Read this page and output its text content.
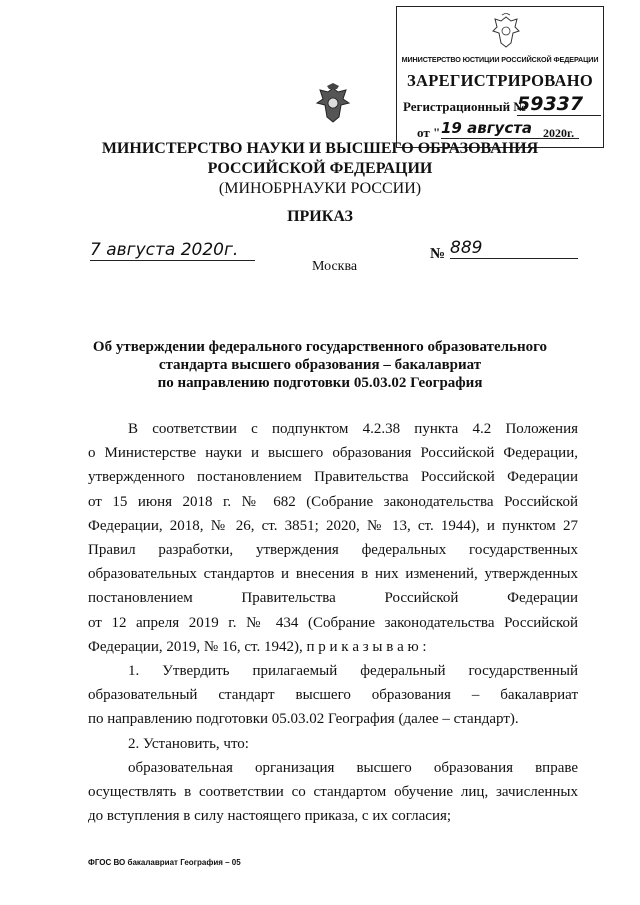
МИНИСТЕРСТВО ЮСТИЦИИ РОССИЙСКОЙ ФЕДЕРАЦИИ
ЗАРЕГИСТРИРОВАНО
Регистрационный №
59337
от " 19 августа 2020г.
МИНИСТЕРСТВО НАУКИ И ВЫСШЕГО ОБРАЗОВАНИЯ
РОССИЙСКОЙ ФЕДЕРАЦИИ
(МИНОБРНАУКИ РОССИИ)
ПРИКАЗ
7 августа 2020г.	№ 889
Москва
Об утверждении федерального государственного образовательного
стандарта высшего образования – бакалавриат
по направлению подготовки 05.03.02 География
В соответствии с подпунктом 4.2.38 пункта 4.2 Положения
о Министерстве науки и высшего образования Российской Федерации,
утвержденного постановлением Правительства Российской Федерации
от 15 июня 2018 г. № 682 (Собрание законодательства Российской
Федерации, 2018, № 26, ст. 3851; 2020, № 13, ст. 1944), и пунктом 27
Правил разработки, утверждения федеральных государственных
образовательных стандартов и внесения в них изменений, утвержденных
постановлением Правительства Российской Федерации
от 12 апреля 2019 г. № 434 (Собрание законодательства Российской
Федерации, 2019, № 16, ст. 1942), п р и к а з ы в а ю :
1. Утвердить прилагаемый федеральный государственный
образовательный стандарт высшего образования – бакалавриат
по направлению подготовки 05.03.02 География (далее – стандарт).
2. Установить, что:
образовательная организация высшего образования вправе
осуществлять в соответствии со стандартом обучение лиц, зачисленных
до вступления в силу настоящего приказа, с их согласия;
ФГОС ВО бакалавриат География – 05
